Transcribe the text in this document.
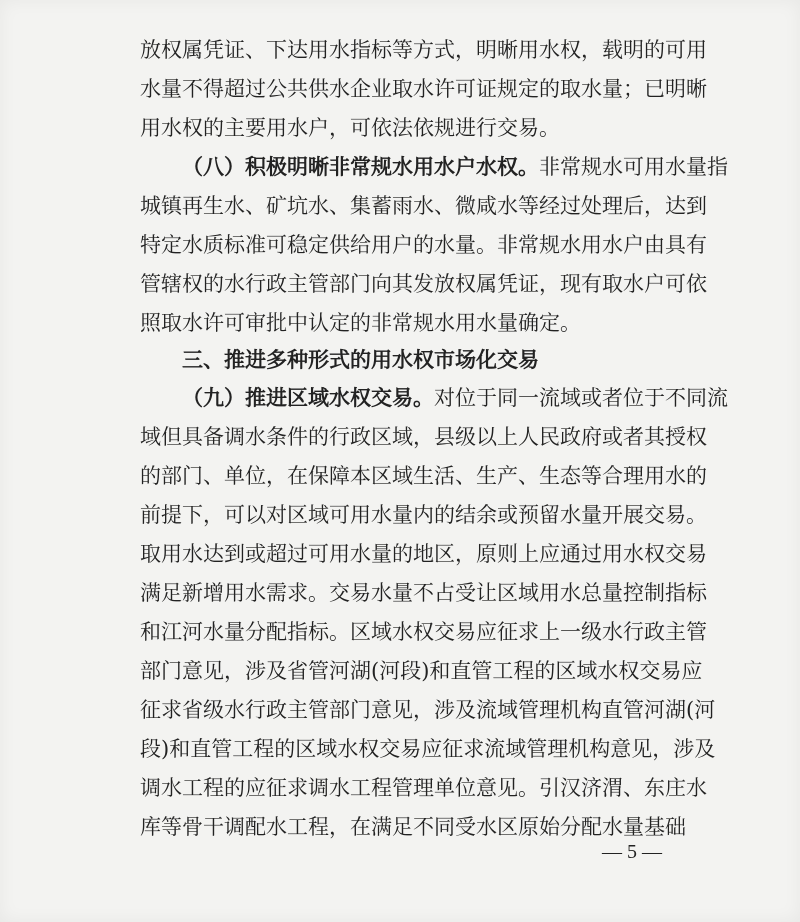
放权属凭证、下达用水指标等方式，明晰用水权，载明的可用
水量不得超过公共供水企业取水许可证规定的取水量；已明晰
用水权的主要用水户，可依法依规进行交易。
（八）积极明晰非常规水用水户水权。非常规水可用水量指
城镇再生水、矿坑水、集蓄雨水、微咸水等经过处理后，达到
特定水质标准可稳定供给用户的水量。非常规水用水户由具有
管辖权的水行政主管部门向其发放权属凭证，现有取水户可依
照取水许可审批中认定的非常规水用水量确定。
三、推进多种形式的用水权市场化交易
（九）推进区域水权交易。对位于同一流域或者位于不同流
域但具备调水条件的行政区域，县级以上人民政府或者其授权
的部门、单位，在保障本区域生活、生产、生态等合理用水的
前提下，可以对区域可用水量内的结余或预留水量开展交易。
取用水达到或超过可用水量的地区，原则上应通过用水权交易
满足新增用水需求。交易水量不占受让区域用水总量控制指标
和江河水量分配指标。区域水权交易应征求上一级水行政主管
部门意见，涉及省管河湖(河段)和直管工程的区域水权交易应
征求省级水行政主管部门意见，涉及流域管理机构直管河湖(河
段)和直管工程的区域水权交易应征求流域管理机构意见，涉及
调水工程的应征求调水工程管理单位意见。引汉济渭、东庄水
库等骨干调配水工程，在满足不同受水区原始分配水量基础
— 5 —
